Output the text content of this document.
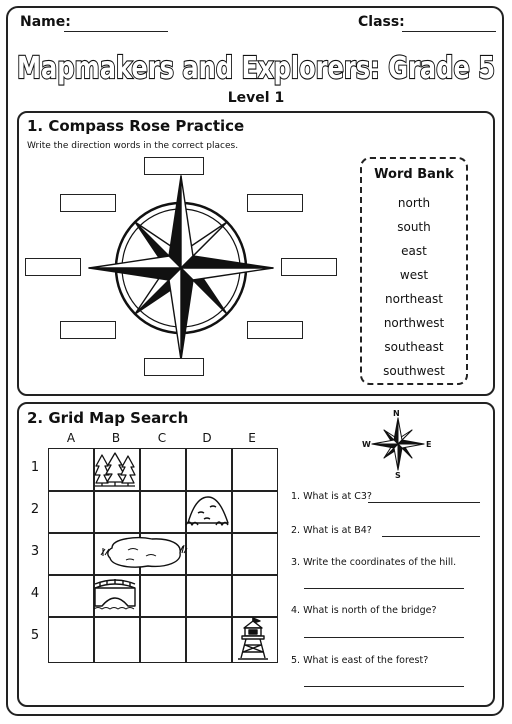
Name:	Class:
Mapmakers and Explorers: Grade 5
Level 1
1. Compass Rose Practice
Write the direction words in the correct places.
Word Bank
north
south
east
west
northeast
northwest
southeast
southwest
2. Grid Map Search
A	B	C	D	E
1
2
3
4
5
N
S
E
W
1. What is at C3?
2. What is at B4?
3. Write the coordinates of the hill.
4. What is north of the bridge?
5. What is east of the forest?
